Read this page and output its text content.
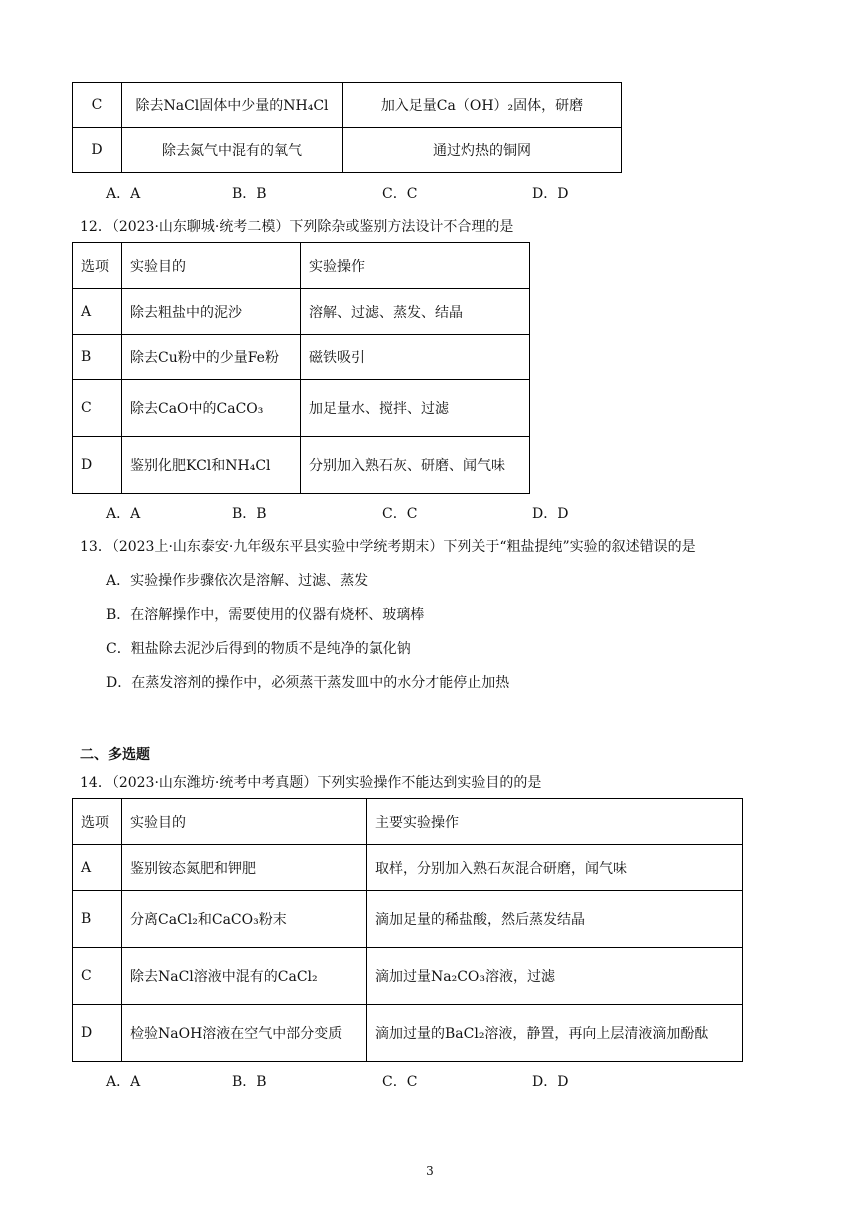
C	除去NaCl固体中少量的NH₄Cl	加入足量Ca（OH）₂固体，研磨
D	除去氮气中混有的氧气	通过灼热的铜网
A．A	B．B	C．C	D．D
12．（2023·山东聊城·统考二模）下列除杂或鉴别方法设计不合理的是
选项	实验目的	实验操作
A	除去粗盐中的泥沙	溶解、过滤、蒸发、结晶
B	除去Cu粉中的少量Fe粉	磁铁吸引
C	除去CaO中的CaCO₃	加足量水、搅拌、过滤
D	鉴别化肥KCl和NH₄Cl	分别加入熟石灰、研磨、闻气味
A．A	B．B	C．C	D．D
13．（2023上·山东泰安·九年级东平县实验中学统考期末）下列关于“粗盐提纯”实验的叙述错误的是
A．实验操作步骤依次是溶解、过滤、蒸发
B．在溶解操作中，需要使用的仪器有烧杯、玻璃棒
C．粗盐除去泥沙后得到的物质不是纯净的氯化钠
D．在蒸发溶剂的操作中，必须蒸干蒸发皿中的水分才能停止加热
二、多选题
14．（2023·山东潍坊·统考中考真题）下列实验操作不能达到实验目的的是
选项	实验目的	主要实验操作
A	鉴别铵态氮肥和钾肥	取样，分别加入熟石灰混合研磨，闻气味
B	分离CaCl₂和CaCO₃粉末	滴加足量的稀盐酸，然后蒸发结晶
C	除去NaCl溶液中混有的CaCl₂	滴加过量Na₂CO₃溶液，过滤
D	检验NaOH溶液在空气中部分变质	滴加过量的BaCl₂溶液，静置，再向上层清液滴加酚酞
A．A	B．B	C．C	D．D
3
